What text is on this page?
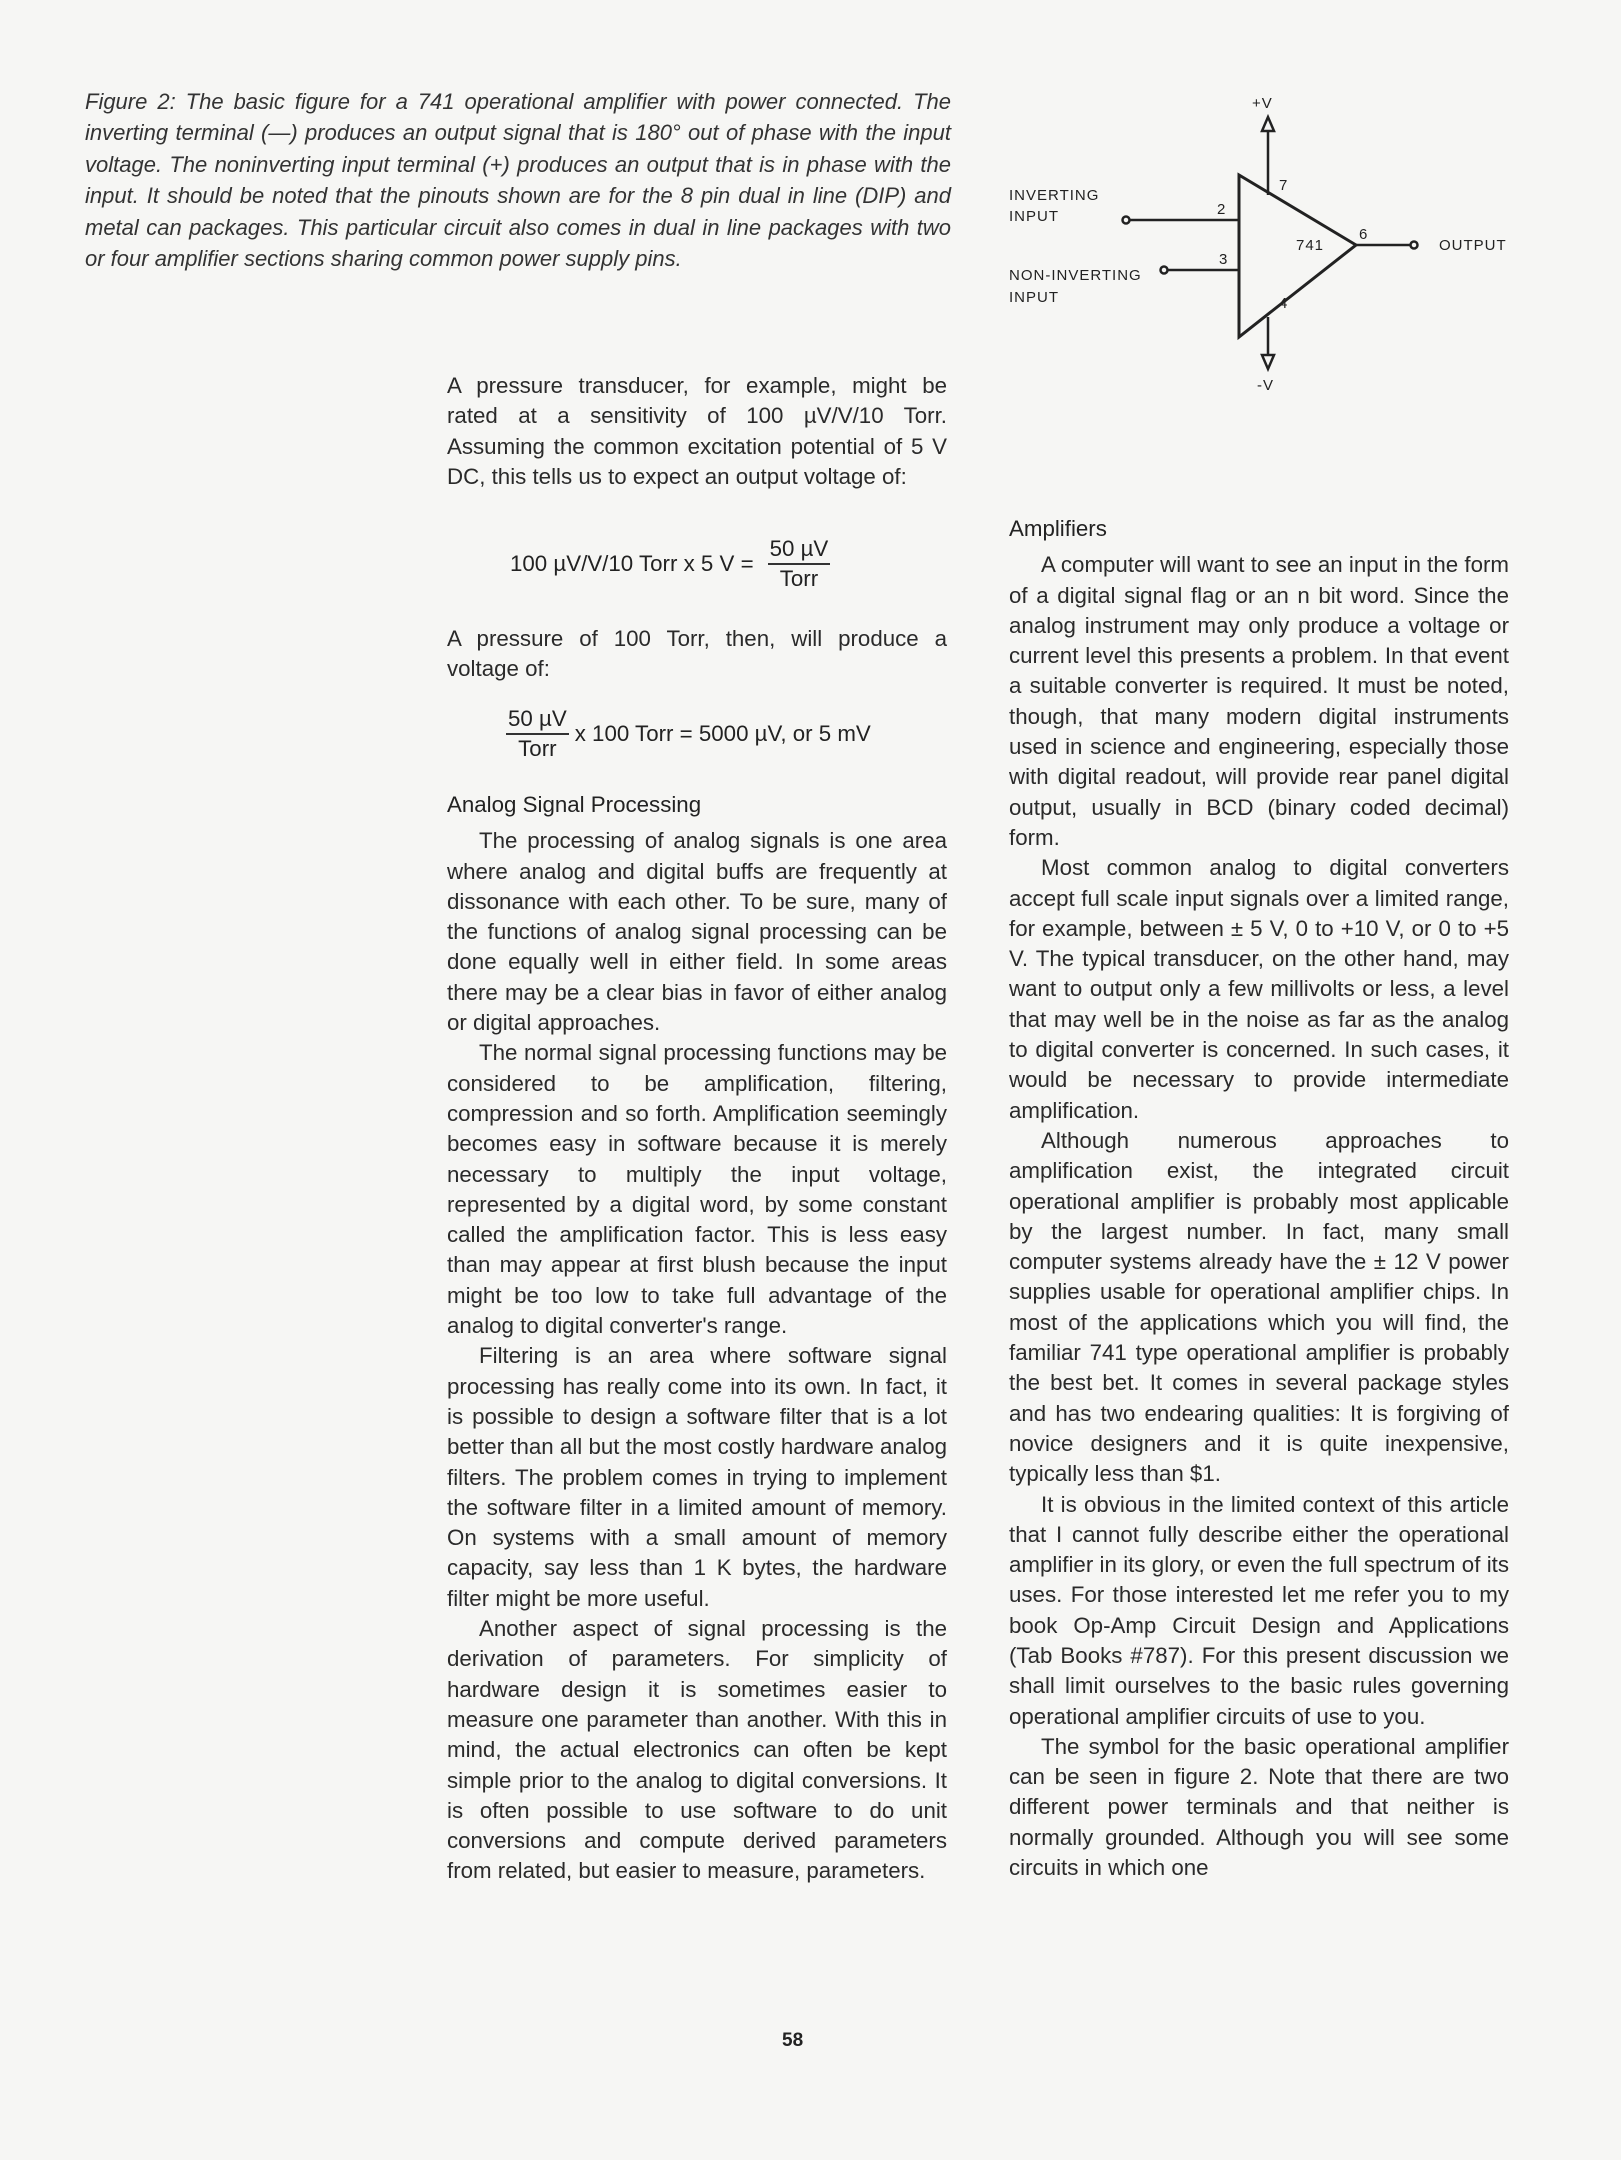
Figure 2: The basic figure for a 741 operational amplifier with power connected. The inverting terminal (—) produces an output signal that is 180° out of phase with the input voltage. The noninverting input terminal (+) produces an output that is in phase with the input. It should be noted that the pinouts shown are for the 8 pin dual in line (DIP) and metal can packages. This particular circuit also comes in dual in line packages with two or four amplifier sections sharing common power supply pins.
+V
-V
741
INVERTING
INPUT
NON-INVERTING
INPUT
OUTPUT
2
3
7
6
4

A pressure transducer, for example, might be rated at a sensitivity of 100 µV/V/10 Torr. Assuming the common excitation potential of 5 V DC, this tells us to expect an output voltage of:

100 µV/V/10 Torr x 5 $V = \frac{\text{50 µV}}{\text{Torr}}$

A pressure of 100 Torr, then, will produce a voltage of:

$\frac{\text{50 µV}}{\text{Torr}}$ x 100 Torr = 5000 µV, or 5 mV
Analog Signal Processing

The processing of analog signals is one area where analog and digital buffs are frequently at dissonance with each other. To be sure, many of the functions of analog signal processing can be done equally well in either field. In some areas there may be a clear bias in favor of either analog or digital approaches.

The normal signal processing functions may be considered to be amplification, filtering, compression and so forth. Amplification seemingly becomes easy in software because it is merely necessary to multiply the input voltage, represented by a digital word, by some constant called the amplification factor. This is less easy than may appear at first blush because the input might be too low to take full advantage of the analog to digital converter's range.

Filtering is an area where software signal processing has really come into its own. In fact, it is possible to design a software filter that is a lot better than all but the most costly hardware analog filters. The problem comes in trying to implement the software filter in a limited amount of memory. On systems with a small amount of memory capacity, say less than 1 K bytes, the hardware filter might be more useful.

Another aspect of signal processing is the derivation of parameters. For simplicity of hardware design it is sometimes easier to measure one parameter than another. With this in mind, the actual electronics can often be kept simple prior to the analog to digital conversions. It is often possible to use software to do unit conversions and compute derived parameters from related, but easier to measure, parameters.

Amplifiers

A computer will want to see an input in the form of a digital signal flag or an n bit word. Since the analog instrument may only produce a voltage or current level this presents a problem. In that event a suitable converter is required. It must be noted, though, that many modern digital instruments used in science and engineering, especially those with digital readout, will provide rear panel digital output, usually in BCD (binary coded decimal) form.

Most common analog to digital converters accept full scale input signals over a limited range, for example, between ± 5 V, 0 to +10 V, or 0 to +5 V. The typical transducer, on the other hand, may want to output only a few millivolts or less, a level that may well be in the noise as far as the analog to digital converter is concerned. In such cases, it would be necessary to provide intermediate amplification.

Although numerous approaches to amplification exist, the integrated circuit operational amplifier is probably most applicable by the largest number. In fact, many small computer systems already have the ± 12 V power supplies usable for operational amplifier chips. In most of the applications which you will find, the familiar 741 type operational amplifier is probably the best bet. It comes in several package styles and has two endearing qualities: It is forgiving of novice designers and it is quite inexpensive, typically less than $1.

It is obvious in the limited context of this article that I cannot fully describe either the operational amplifier in its glory, or even the full spectrum of its uses. For those interested let me refer you to my book Op-Amp Circuit Design and Applications (Tab Books #787). For this present discussion we shall limit ourselves to the basic rules governing operational amplifier circuits of use to you.

The symbol for the basic operational amplifier can be seen in figure 2. Note that there are two different power terminals and that neither is normally grounded. Although you will see some circuits in which one

58
